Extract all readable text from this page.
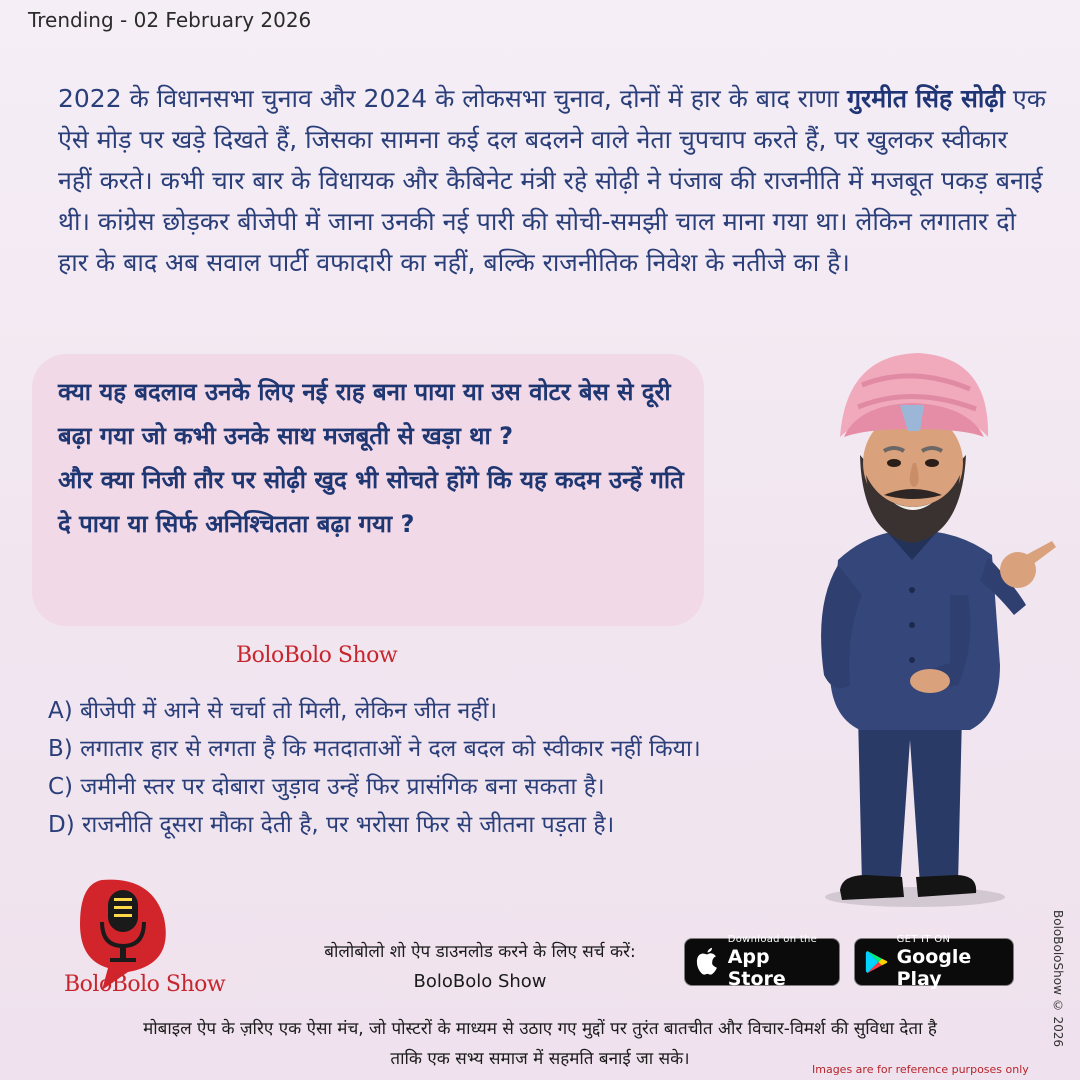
Trending - 02 February 2026
2022 के विधानसभा चुनाव और 2024 के लोकसभा चुनाव, दोनों में हार के बाद राणा गुरमीत सिंह सोढ़ी एक ऐसे मोड़ पर खड़े दिखते हैं, जिसका सामना कई दल बदलने वाले नेता चुपचाप करते हैं, पर खुलकर स्वीकार नहीं करते। कभी चार बार के विधायक और कैबिनेट मंत्री रहे सोढ़ी ने पंजाब की राजनीति में मजबूत पकड़ बनाई थी। कांग्रेस छोड़कर बीजेपी में जाना उनकी नई पारी की सोची-समझी चाल माना गया था। लेकिन लगातार दो हार के बाद अब सवाल पार्टी वफादारी का नहीं, बल्कि राजनीतिक निवेश के नतीजे का है।
क्या यह बदलाव उनके लिए नई राह बना पाया या उस वोटर बेस से दूरी बढ़ा गया जो कभी उनके साथ मजबूती से खड़ा था ?
और क्या निजी तौर पर सोढ़ी खुद भी सोचते होंगे कि यह कदम उन्हें गति दे पाया या सिर्फ अनिश्चितता बढ़ा गया ?
BoloBolo Show
A) बीजेपी में आने से चर्चा तो मिली, लेकिन जीत नहीं।
B) लगातार हार से लगता है कि मतदाताओं ने दल बदल को स्वीकार नहीं किया।
C) जमीनी स्तर पर दोबारा जुड़ाव उन्हें फिर प्रासंगिक बना सकता है।
D) राजनीति दूसरा मौका देती है, पर भरोसा फिर से जीतना पड़ता है।
BoloBolo Show
बोलोबोलो शो ऐप डाउनलोड करने के लिए सर्च करें:
BoloBolo Show
Download on the
App Store
GET IT ON
Google Play
मोबाइल ऐप के ज़रिए एक ऐसा मंच, जो पोस्टरों के माध्यम से उठाए गए मुद्दों पर तुरंत बातचीत और विचार-विमर्श की सुविधा देता है
ताकि एक सभ्य समाज में सहमति बनाई जा सके।
Images are for reference purposes only
BoloBoloShow © 2026
